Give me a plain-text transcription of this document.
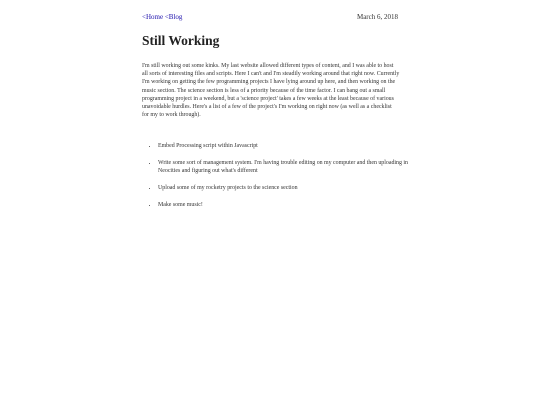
<Home <Blog	March 6, 2018
Still Working

I'm still working out some kinks. My last website allowed different types of content, and I was able to host all sorts of interesting files and scripts. Here I can't and I'm steadily working around that right now. Currently I'm working on getting the few programming projects I have lying around up here, and then working on the music section. The science section is less of a priority because of the time factor. I can bang out a small programming project in a weekend, but a 'science project' takes a few weeks at the least because of various unavoidable hurdles. Here's a list of a few of the project's I'm working on right now (as well as a checklist for my to work through).

• Embed Processing script within Javascript
• Write some sort of management system. I'm having trouble editing on my computer and then uploading in Neocities and figuring out what's different
• Upload some of my rocketry projects to the science section
• Make some music!
